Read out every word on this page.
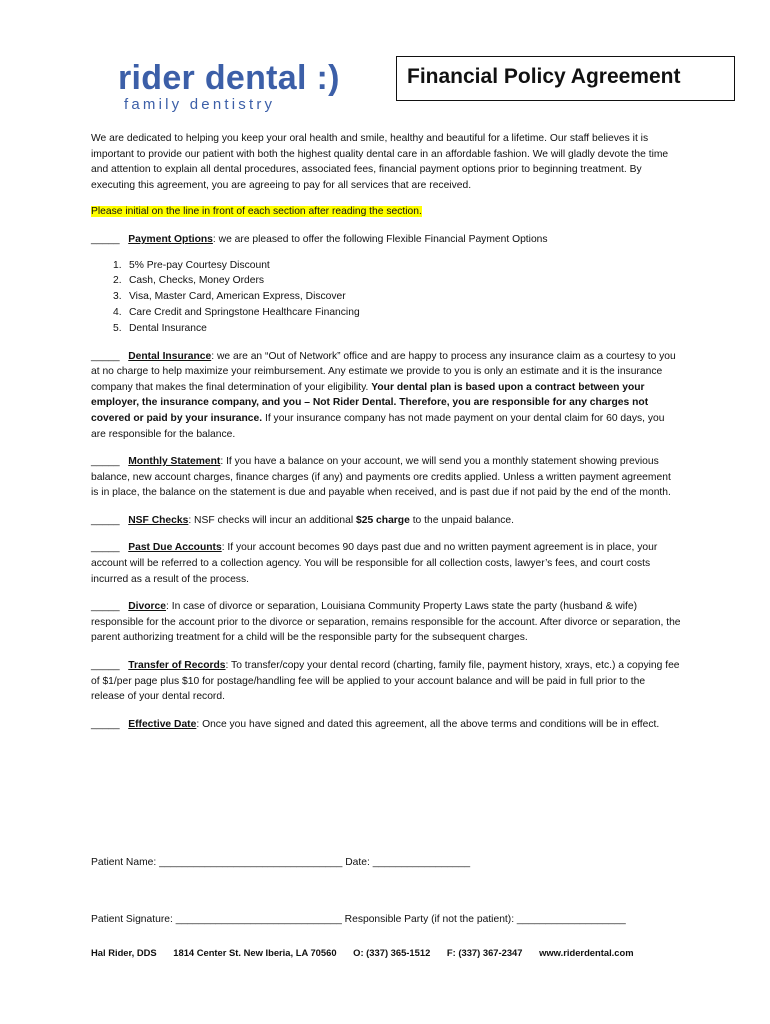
rider dental :)
family dentistry
Financial Policy Agreement

We are dedicated to helping you keep your oral health and smile, healthy and beautiful for a lifetime. Our staff believes it is important to provide our patient with both the highest quality dental care in an affordable fashion. We will gladly devote the time and attention to explain all dental procedures, associated fees, financial payment options prior to beginning treatment. By executing this agreement, you are agreeing to pay for all services that are received.

Please initial on the line in front of each section after reading the section.

_____ Payment Options: we are pleased to offer the following Flexible Financial Payment Options

1. 5% Pre-pay Courtesy Discount
2. Cash, Checks, Money Orders
3. Visa, Master Card, American Express, Discover
4. Care Credit and Springstone Healthcare Financing
5. Dental Insurance

_____ Dental Insurance: we are an “Out of Network” office and are happy to process any insurance claim as a courtesy to you at no charge to help maximize your reimbursement. Any estimate we provide to you is only an estimate and it is the insurance company that makes the final determination of your eligibility. Your dental plan is based upon a contract between your employer, the insurance company, and you – Not Rider Dental. Therefore, you are responsible for any charges not covered or paid by your insurance. If your insurance company has not made payment on your dental claim for 60 days, you are responsible for the balance.

_____ Monthly Statement: If you have a balance on your account, we will send you a monthly statement showing previous balance, new account charges, finance charges (if any) and payments ore credits applied. Unless a written payment agreement is in place, the balance on the statement is due and payable when received, and is past due if not paid by the end of the month.

_____ NSF Checks: NSF checks will incur an additional $25 charge to the unpaid balance.

_____ Past Due Accounts: If your account becomes 90 days past due and no written payment agreement is in place, your account will be referred to a collection agency. You will be responsible for all collection costs, lawyer’s fees, and court costs incurred as a result of the process.

_____ Divorce: In case of divorce or separation, Louisiana Community Property Laws state the party (husband & wife) responsible for the account prior to the divorce or separation, remains responsible for the account. After divorce or separation, the parent authorizing treatment for a child will be the responsible party for the subsequent charges.

_____ Transfer of Records: To transfer/copy your dental record (charting, family file, payment history, xrays, etc.) a copying fee of $1/per page plus $10 for postage/handling fee will be applied to your account balance and will be paid in full prior to the release of your dental record.

_____ Effective Date: Once you have signed and dated this agreement, all the above terms and conditions will be in effect.

Patient Name: ________________________________ Date: _________________
Patient Signature: _____________________________ Responsible Party (if not the patient): ___________________
Hal Rider, DDS 1814 Center St. New Iberia, LA 70560 O: (337) 365-1512 F: (337) 367-2347 www.riderdental.com
